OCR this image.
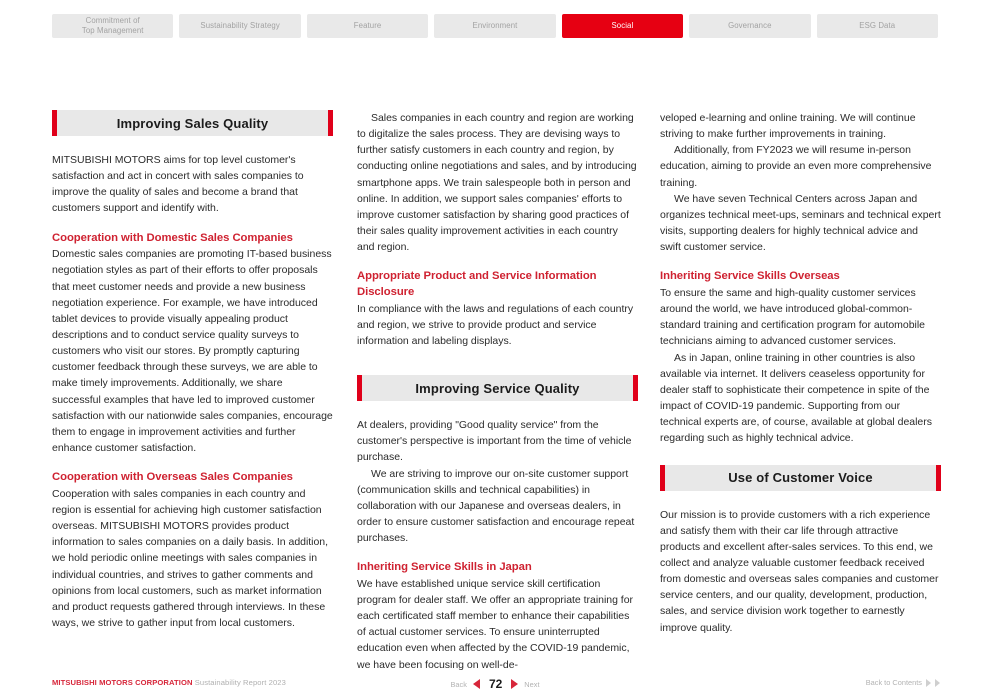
Commitment of
Top Management
Sustainability Strategy	Feature	Environment	Social	Governance	ESG Data
Improving Sales Quality

MITSUBISHI MOTORS aims for top level customer's satisfaction and act in concert with sales companies to improve the quality of sales and become a brand that customers support and identify with.

Cooperation with Domestic Sales Companies

Domestic sales companies are promoting IT-based business negotiation styles as part of their efforts to offer proposals that meet customer needs and provide a new business negotiation experience. For example, we have introduced tablet devices to provide visually appealing product descriptions and to conduct service quality surveys to customers who visit our stores. By promptly capturing customer feedback through these surveys, we are able to make timely improvements. Additionally, we share successful examples that have led to improved customer satisfaction with our nationwide sales companies, encourage them to engage in improvement activities and further enhance customer satisfaction.

Cooperation with Overseas Sales Companies

Cooperation with sales companies in each country and region is essential for achieving high customer satisfaction overseas. MITSUBISHI MOTORS provides product information to sales companies on a daily basis. In addition, we hold periodic online meetings with sales companies in individual countries, and strives to gather comments and opinions from local customers, such as market information and product requests gathered through interviews. In these ways, we strive to gather input from local customers.

Sales companies in each country and region are working to digitalize the sales process. They are devising ways to further satisfy customers in each country and region, by conducting online negotiations and sales, and by introducing smartphone apps. We train salespeople both in person and online. In addition, we support sales companies' efforts to improve customer satisfaction by sharing good practices of their sales quality improvement activities in each country and region.

Appropriate Product and Service Information Disclosure

In compliance with the laws and regulations of each country and region, we strive to provide product and service information and labeling displays.

Improving Service Quality

At dealers, providing "Good quality service" from the customer's perspective is important from the time of vehicle purchase.

We are striving to improve our on-site customer support (communication skills and technical capabilities) in collaboration with our Japanese and overseas dealers, in order to ensure customer satisfaction and encourage repeat purchases.

Inheriting Service Skills in Japan

We have established unique service skill certification program for dealer staff. We offer an appropriate training for each certificated staff member to enhance their capabilities of actual customer services. To ensure uninterrupted education even when affected by the COVID-19 pandemic, we have been focusing on well-de-

veloped e-learning and online training. We will continue striving to make further improvements in training.

Additionally, from FY2023 we will resume in-person education, aiming to provide an even more comprehensive training.

We have seven Technical Centers across Japan and organizes technical meet-ups, seminars and technical expert visits, supporting dealers for highly technical advice and swift customer service.

Inheriting Service Skills Overseas

To ensure the same and high-quality customer services around the world, we have introduced global-common-standard training and certification program for automobile technicians aiming to advanced customer services.

As in Japan, online training in other countries is also available via internet. It delivers ceaseless opportunity for dealer staff to sophisticate their competence in spite of the impact of COVID-19 pandemic. Supporting from our technical experts are, of course, available at global dealers regarding such as highly technical advice.

Use of Customer Voice

Our mission is to provide customers with a rich experience and satisfy them with their car life through attractive products and excellent after-sales services. To this end, we collect and analyze valuable customer feedback received from domestic and overseas sales companies and customer service centers, and our quality, development, production, sales, and service division work together to earnestly improve quality.

MITSUBISHI MOTORS CORPORATION Sustainability Report 2023	Back 72	Next	Back to Contents
